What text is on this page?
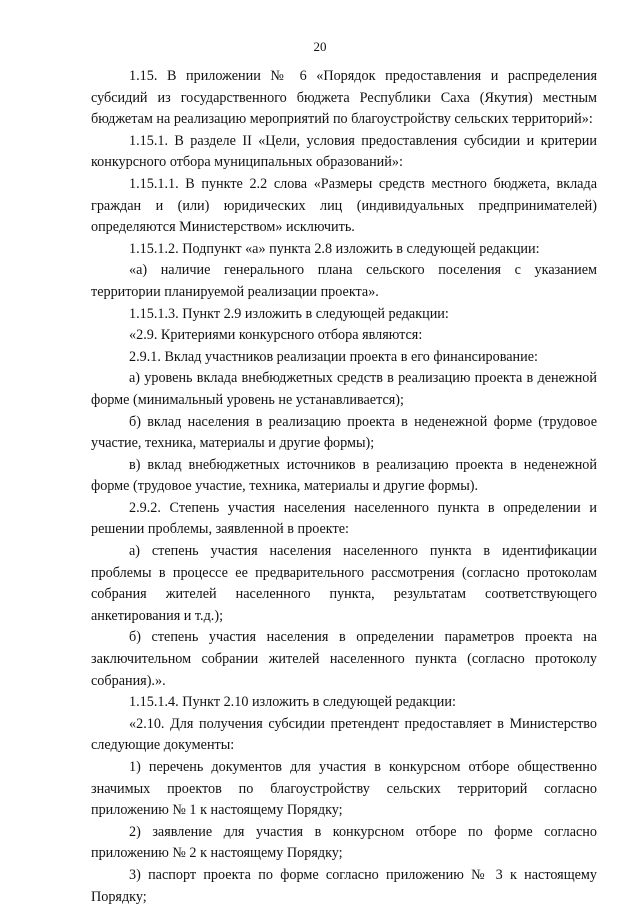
20

1.15. В приложении № 6 «Порядок предоставления и распределения субсидий из государственного бюджета Республики Саха (Якутия) местным бюджетам на реализацию мероприятий по благоустройству сельских территорий»:

1.15.1. В разделе II «Цели, условия предоставления субсидии и критерии конкурсного отбора муниципальных образований»:

1.15.1.1. В пункте 2.2 слова «Размеры средств местного бюджета, вклада граждан и (или) юридических лиц (индивидуальных предпринимателей) определяются Министерством» исключить.

1.15.1.2. Подпункт «а» пункта 2.8 изложить в следующей редакции:

«а) наличие генерального плана сельского поселения с указанием территории планируемой реализации проекта».

1.15.1.3. Пункт 2.9 изложить в следующей редакции:

«2.9. Критериями конкурсного отбора являются:

2.9.1. Вклад участников реализации проекта в его финансирование:

а) уровень вклада внебюджетных средств в реализацию проекта в денежной форме (минимальный уровень не устанавливается);

б) вклад населения в реализацию проекта в неденежной форме (трудовое участие, техника, материалы и другие формы);

в) вклад внебюджетных источников в реализацию проекта в неденежной форме (трудовое участие, техника, материалы и другие формы).

2.9.2. Степень участия населения населенного пункта в определении и решении проблемы, заявленной в проекте:

а) степень участия населения населенного пункта в идентификации проблемы в процессе ее предварительного рассмотрения (согласно протоколам собрания жителей населенного пункта, результатам соответствующего анкетирования и т.д.);

б) степень участия населения в определении параметров проекта на заключительном собрании жителей населенного пункта (согласно протоколу собрания).».

1.15.1.4. Пункт 2.10 изложить в следующей редакции:

«2.10. Для получения субсидии претендент предоставляет в Министерство следующие документы:

1) перечень документов для участия в конкурсном отборе общественно значимых проектов по благоустройству сельских территорий согласно приложению № 1 к настоящему Порядку;

2) заявление для участия в конкурсном отборе по форме согласно приложению № 2 к настоящему Порядку;

3) паспорт проекта по форме согласно приложению № 3 к настоящему Порядку;
